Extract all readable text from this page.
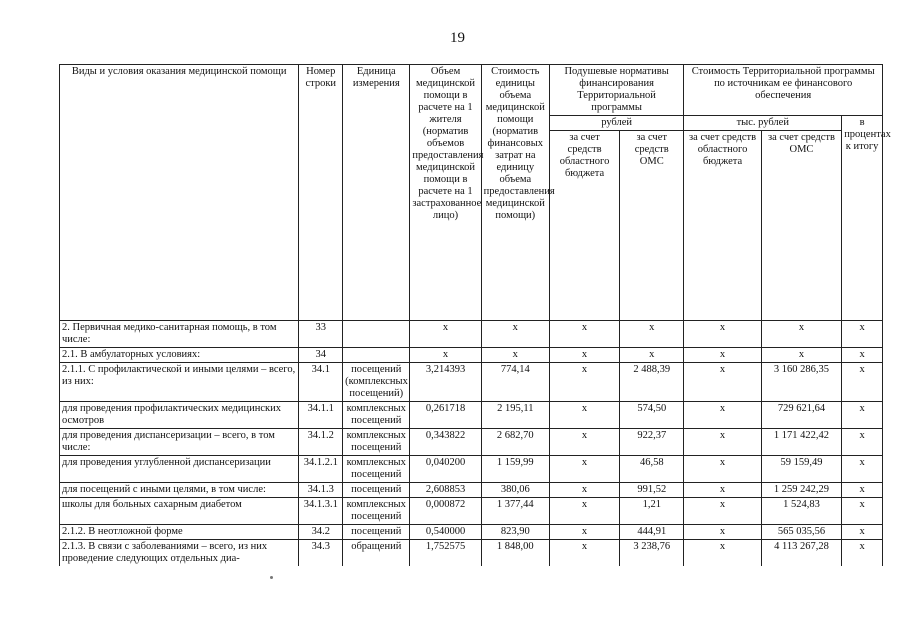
19
Виды и условия оказания медицинской помощи	Номер строки	Единица измерения	Объем медицинской помощи в расчете на 1 жителя (норматив объемов предоставления медицинской помощи в расчете на 1 застрахованное лицо)	Стоимость единицы объема медицинской помощи (норматив финансовых затрат на единицу объема предоставления медицинской помощи)	Подушевые нормативы финансирования Территориальной программы		Стоимость Территориальной программы по источникам ее финансового обеспечения		
					рублей		тыс. рублей		в процентах к итогу
					за счет средств областного бюджета	за счет средств ОМС	за счет средств областного бюджета	за счет средств ОМС	
2. Первичная медико-санитарная помощь, в том числе:	33		х	х	х	х	х	х	х
2.1. В амбулаторных условиях:	34		х	х	х	х	х	х	х
2.1.1. С профилактической и иными целями – всего, из них:	34.1	посещений (комплексных посещений)	3,214393	774,14	х	2 488,39	х	3 160 286,35	х
для проведения профилактических медицинских осмотров	34.1.1	комплексных посещений	0,261718	2 195,11	х	574,50	х	729 621,64	х
для проведения диспансеризации – всего, в том числе:	34.1.2	комплексных посещений	0,343822	2 682,70	х	922,37	х	1 171 422,42	х
для проведения углубленной диспансеризации	34.1.2.1	комплексных посещений	0,040200	1 159,99	х	46,58	х	59 159,49	х
для посещений с иными целями, в том числе:	34.1.3	посещений	2,608853	380,06	х	991,52	х	1 259 242,29	х
школы для больных сахарным диабетом	34.1.3.1	комплексных посещений	0,000872	1 377,44	х	1,21	х	1 524,83	х
2.1.2. В неотложной форме	34.2	посещений	0,540000	823,90	х	444,91	х	565 035,56	х
2.1.3. В связи с заболеваниями – всего, из них проведение следующих отдельных диа-	34.3	обращений	1,752575	1 848,00	х	3 238,76	х	4 113 267,28	х
